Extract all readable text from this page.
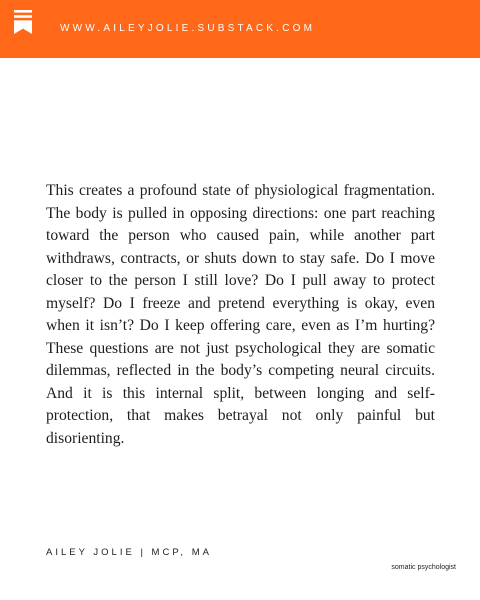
WWW.AILEYJOLIE.SUBSTACK.COM

This creates a profound state of physiological fragmentation. The body is pulled in opposing directions: one part reaching toward the person who caused pain, while another part withdraws, contracts, or shuts down to stay safe. Do I move closer to the person I still love? Do I pull away to protect myself? Do I freeze and pretend everything is okay, even when it isn’t? Do I keep offering care, even as I’m hurting? These questions are not just psychological they are somatic dilemmas, reflected in the body’s competing neural circuits. And it is this internal split, between longing and self-protection, that makes betrayal not only painful but disorienting.

AILEY JOLIE | MCP, MA
somatic psychologist
